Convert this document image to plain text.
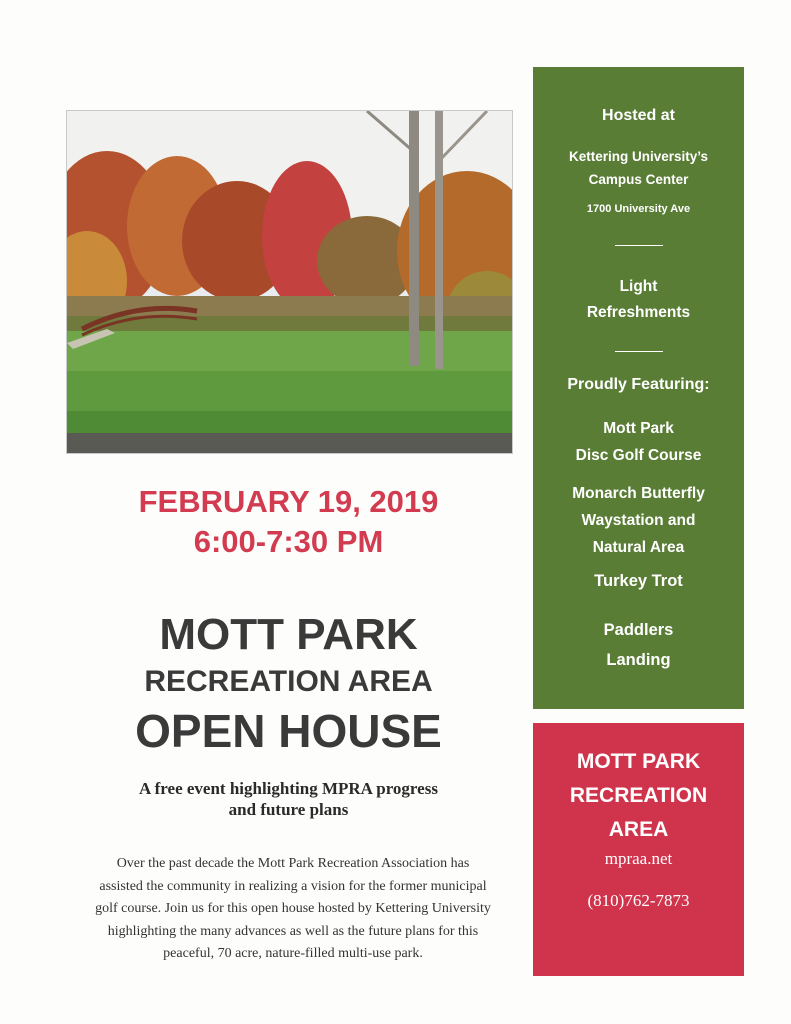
FEBRUARY 19, 2019
6:00-7:30 PM
MOTT PARK
RECREATION AREA
OPEN HOUSE
A free event highlighting MPRA progress
and future plans
Over the past decade the Mott Park Recreation Association has
assisted the community in realizing a vision for the former municipal
golf course. Join us for this open house hosted by Kettering University
highlighting the many advances as well as the future plans for this
peaceful, 70 acre, nature-filled multi-use park.
Hosted at
Kettering University’s
Campus Center
1700 University Ave
Light
Refreshments
Proudly Featuring:
Mott Park
Disc Golf Course
Monarch Butterfly
Waystation and
Natural Area
Turkey Trot
Paddlers
Landing
MOTT PARK
RECREATION
AREA
mpraa.net
(810)762-7873
